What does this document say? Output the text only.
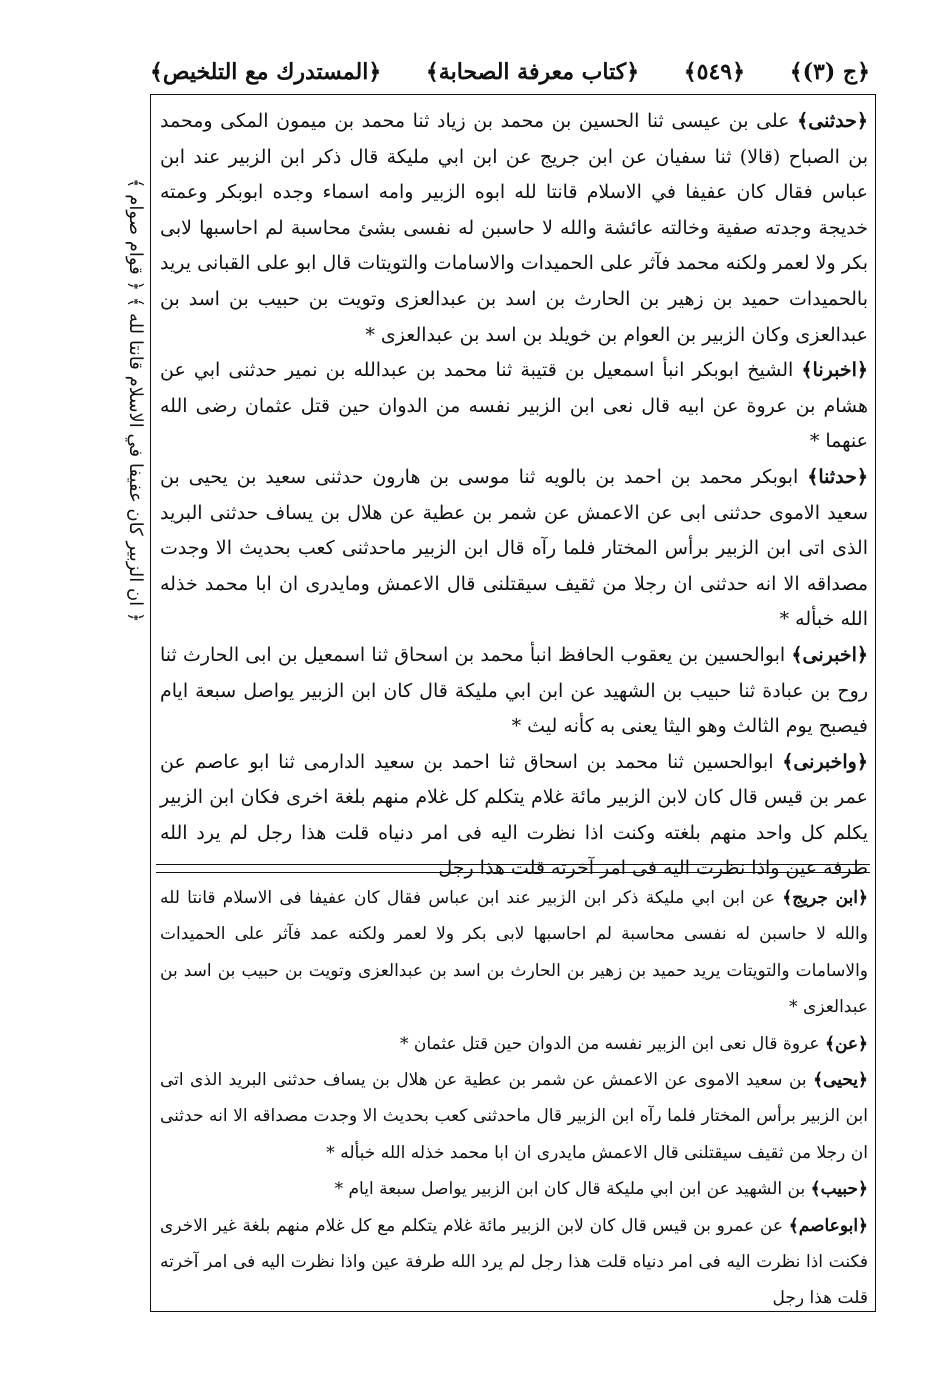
﴿المستدرك مع التلخيص﴾ ﴿كتاب معرفة الصحابة﴾ ﴿٥٤٩﴾ ﴿ج (٣)﴾
﴿ ان الزبير كان عفيفا في الاسلام قانتا لله ﴾ ﴿ قوام صوام ﴾

﴿حدثنى﴾ على بن عيسى ثنا الحسين بن محمد بن زياد ثنا محمد بن ميمون المكى ومحمد بن الصباح (قالا) ثنا سفيان عن ابن جريج عن ابن ابي مليكة قال ذكر ابن الزبير عند ابن عباس فقال كان عفيفا في الاسلام قانتا لله ابوه الزبير وامه اسماء وجده ابوبكر وعمته خديجة وجدته صفية وخالته عائشة والله لا حاسبن له نفسى بشئ محاسبة لم احاسبها لابى بكر ولا لعمر ولكنه محمد فآثر على الحميدات والاسامات والتويتات قال ابو على القبانى يريد بالحميدات حميد بن زهير بن الحارث بن اسد بن عبدالعزى وتويت بن حبيب بن اسد بن عبدالعزى وكان الزبير بن العوام بن خويلد بن اسد بن عبدالعزى *

﴿اخبرنا﴾ الشيخ ابوبكر انبأ اسمعيل بن قتيبة ثنا محمد بن عبدالله بن نمير حدثنى ابي عن هشام بن عروة عن ابيه قال نعى ابن الزبير نفسه من الدوان حين قتل عثمان رضى الله عنهما *

﴿حدثنا﴾ ابوبكر محمد بن احمد بن بالويه ثنا موسى بن هارون حدثنى سعيد بن يحيى بن سعيد الاموى حدثنى ابى عن الاعمش عن شمر بن عطية عن هلال بن يساف حدثنى البريد الذى اتى ابن الزبير برأس المختار فلما رآه قال ابن الزبير ماحدثنى كعب بحديث الا وجدت مصداقه الا انه حدثنى ان رجلا من ثقيف سيقتلنى قال الاعمش ومايدرى ان ابا محمد خذله الله خبأله *

﴿اخبرنى﴾ ابوالحسين بن يعقوب الحافظ انبأ محمد بن اسحاق ثنا اسمعيل بن ابى الحارث ثنا روح بن عبادة ثنا حبيب بن الشهيد عن ابن ابي مليكة قال كان ابن الزبير يواصل سبعة ايام فيصبح يوم الثالث وهو اليثا يعنى به كأنه ليث *

﴿واخبرنى﴾ ابوالحسين ثنا محمد بن اسحاق ثنا احمد بن سعيد الدارمى ثنا ابو عاصم عن عمر بن قيس قال كان لابن الزبير مائة غلام يتكلم كل غلام منهم بلغة اخرى فكان ابن الزبير يكلم كل واحد منهم بلغته وكنت اذا نظرت اليه فى امر دنياه قلت هذا رجل لم يرد الله طرفة عين واذا نظرت اليه فى امر آخرته قلت هذا رجل

﴿ابن جريج﴾ عن ابن ابي مليكة ذكر ابن الزبير عند ابن عباس فقال كان عفيفا فى الاسلام قانتا لله والله لا حاسبن له نفسى محاسبة لم احاسبها لابى بكر ولا لعمر ولكنه عمد فآثر على الحميدات والاسامات والتويتات يريد حميد بن زهير بن الحارث بن اسد بن عبدالعزى وتويت بن حبيب بن اسد بن عبدالعزى *

﴿عن﴾ عروة قال نعى ابن الزبير نفسه من الدوان حين قتل عثمان *

﴿يحيى﴾ بن سعيد الاموى عن الاعمش عن شمر بن عطية عن هلال بن يساف حدثنى البريد الذى اتى ابن الزبير برأس المختار فلما رآه ابن الزبير قال ماحدثنى كعب بحديث الا وجدت مصداقه الا انه حدثنى ان رجلا من ثقيف سيقتلنى قال الاعمش مايدرى ان ابا محمد خذله الله خبأله *

﴿حبيب﴾ بن الشهيد عن ابن ابي مليكة قال كان ابن الزبير يواصل سبعة ايام *

﴿ابوعاصم﴾ عن عمرو بن قيس قال كان لابن الزبير مائة غلام يتكلم مع كل غلام منهم بلغة غير الاخرى فكنت اذا نظرت اليه فى امر دنياه قلت هذا رجل لم يرد الله طرفة عين واذا نظرت اليه فى امر آخرته قلت هذا رجل
